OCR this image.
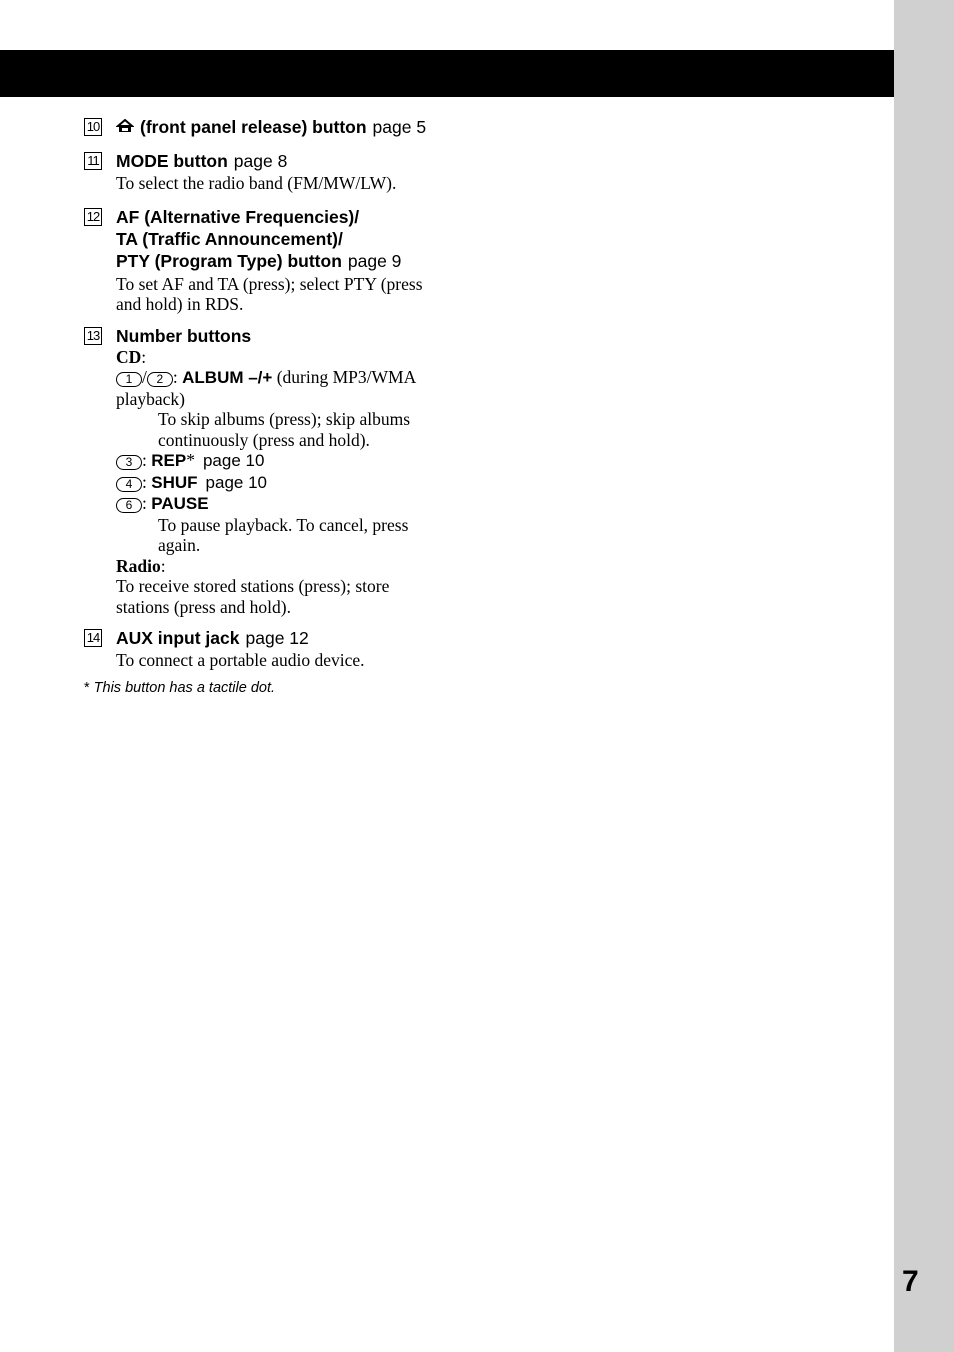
7
10	(front panel release) button page 5
11 MODE button page 8
To select the radio band (FM/MW/LW).
12 AF (Alternative Frequencies)/
TA (Traffic Announcement)/
PTY (Program Type) button page 9
To set AF and TA (press); select PTY (press
and hold) in RDS.
13 Number buttons
CD:
1 / 2 : ALBUM –/+ (during MP3/WMA
playback)
To skip albums (press); skip albums
continuously (press and hold).
3 : REP* page 10
4 : SHUF page 10
6 : PAUSE
To pause playback. To cancel, press
again.
Radio:
To receive stored stations (press); store
stations (press and hold).
14 AUX input jack page 12
To connect a portable audio device.
* This button has a tactile dot.
